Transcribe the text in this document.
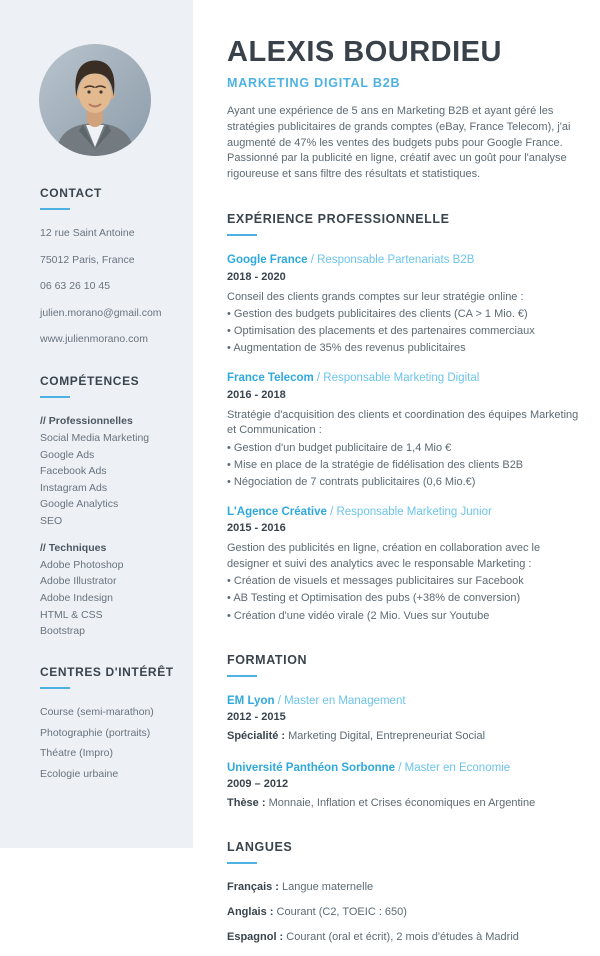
CONTACT

12 rue Saint Antoine

75012 Paris, France

06 63 26 10 45

julien.morano@gmail.com

www.julienmorano.com

COMPÉTENCES

// Professionnelles

Social Media Marketing

Google Ads

Facebook Ads

Instagram Ads

Google Analytics

SEO

// Techniques

Adobe Photoshop

Adobe Illustrator

Adobe Indesign

HTML & CSS

Bootstrap

CENTRES D'INTÉRÊT

Course (semi-marathon)

Photographie (portraits)

Théatre (Impro)

Ecologie urbaine

ALEXIS BOURDIEU
MARKETING DIGITAL B2B

Ayant une expérience de 5 ans en Marketing B2B et ayant géré les stratégies publicitaires de grands comptes (eBay, France Telecom), j'ai augmenté de 47% les ventes des budgets pubs pour Google France. Passionné par la publicité en ligne, créatif avec un goût pour l'analyse rigoureuse et sans filtre des résultats et statistiques.

EXPÉRIENCE PROFESSIONNELLE

Google France / Responsable Partenariats B2B

2018 - 2020

Conseil des clients grands comptes sur leur stratégie online :

• Gestion des budgets publicitaires des clients (CA > 1 Mio. €)

• Optimisation des placements et des partenaires commerciaux

• Augmentation de 35% des revenus publicitaires

France Telecom / Responsable Marketing Digital

2016 - 2018

Stratégie d'acquisition des clients et coordination des équipes Marketing et Communication :

• Gestion d'un budget publicitaire de 1,4 Mio €

• Mise en place de la stratégie de fidélisation des clients B2B

• Négociation de 7 contrats publicitaires (0,6 Mio.€)

L'Agence Créative / Responsable Marketing Junior

2015 - 2016

Gestion des publicités en ligne, création en collaboration avec le designer et suivi des analytics avec le responsable Marketing :

• Création de visuels et messages publicitaires sur Facebook

• AB Testing et Optimisation des pubs (+38% de conversion)

• Création d'une vidéo virale (2 Mio. Vues sur Youtube

FORMATION

EM Lyon / Master en Management

2012 - 2015

Spécialité : Marketing Digital, Entrepreneuriat Social

Université Panthéon Sorbonne / Master en Economie

2009 – 2012

Thèse : Monnaie, Inflation et Crises économiques en Argentine

LANGUES

Français : Langue maternelle

Anglais : Courant (C2, TOEIC : 650)

Espagnol : Courant (oral et écrit), 2 mois d'études à Madrid
